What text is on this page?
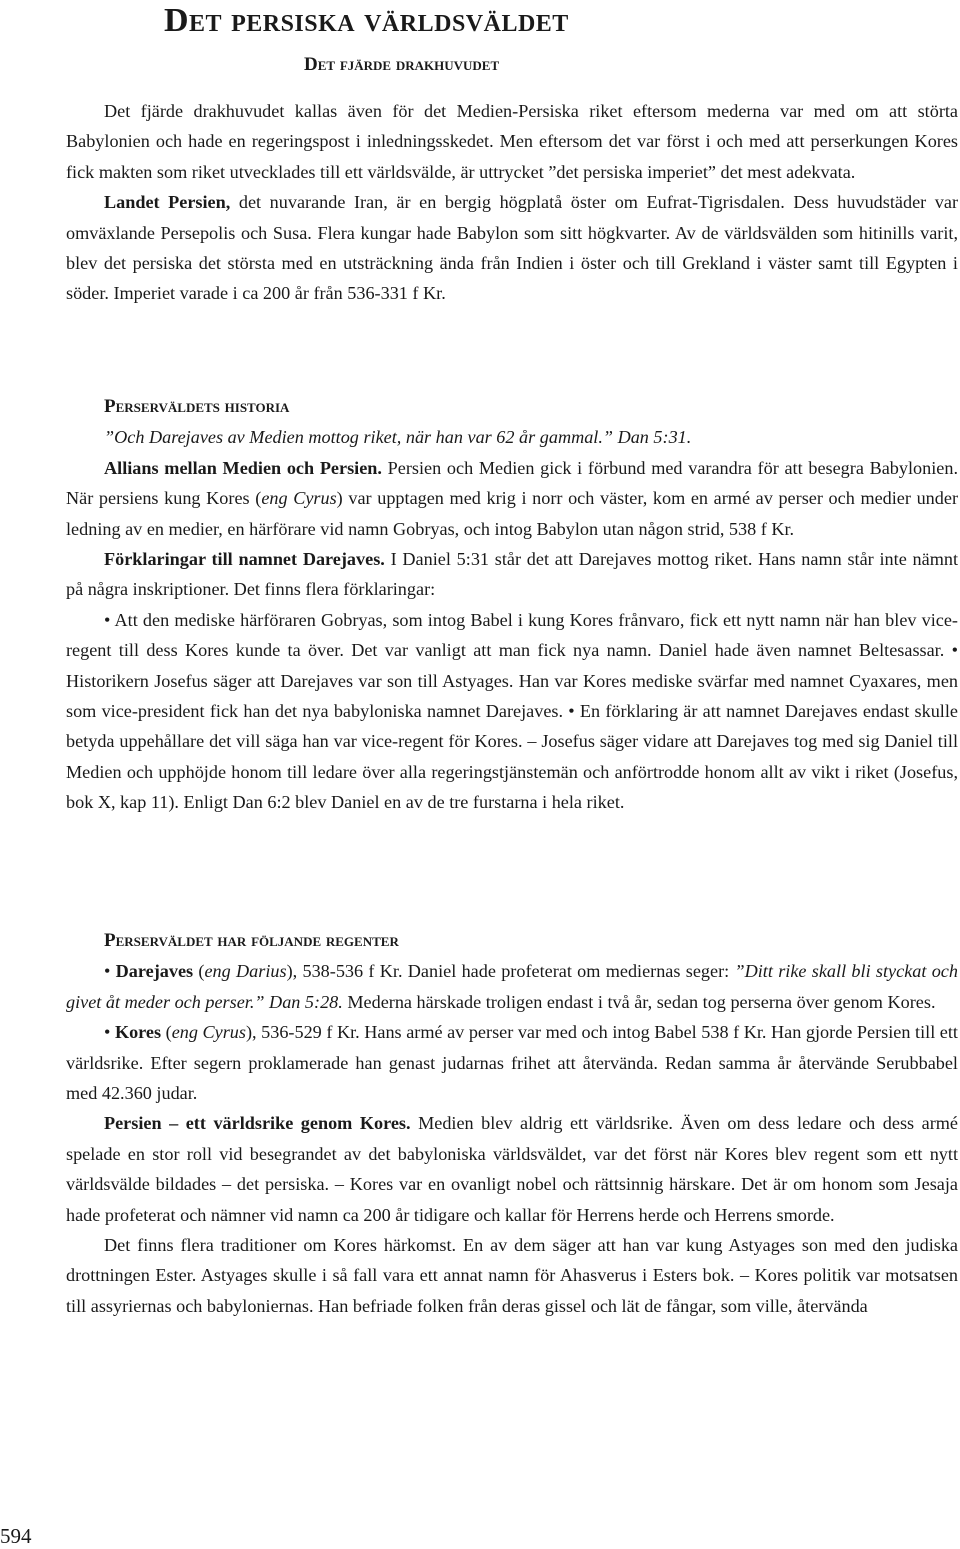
Det persiska världsväldet
Det fjärde drakhuvudet

Det fjärde drakhuvudet kallas även för det Medien-Persiska riket eftersom mederna var med om att störta Babylonien och hade en regeringspost i inledningsskedet. Men eftersom det var först i och med att perserkungen Kores fick makten som riket utvecklades till ett världsvälde, är uttrycket ”det persiska imperiet” det mest adekvata.

Landet Persien, det nuvarande Iran, är en bergig högplatå öster om Eufrat-Tigrisdalen. Dess huvudstäder var omväxlande Persepolis och Susa. Flera kungar hade Babylon som sitt högkvarter. Av de världsvälden som hitinills varit, blev det persiska det största med en utsträckning ända från Indien i öster och till Grekland i väster samt till Egypten i söder. Imperiet varade i ca 200 år från 536-331 f Kr.

Perserväldets historia

”Och Darejaves av Medien mottog riket, när han var 62 år gammal.” Dan 5:31.

Allians mellan Medien och Persien. Persien och Medien gick i förbund med varandra för att besegra Babylonien. När persiens kung Kores (eng Cyrus) var upptagen med krig i norr och väster, kom en armé av perser och medier under ledning av en medier, en härförare vid namn Gobryas, och intog Babylon utan någon strid, 538 f Kr.

Förklaringar till namnet Darejaves. I Daniel 5:31 står det att Darejaves mottog riket. Hans namn står inte nämnt på några inskriptioner. Det finns flera förklaringar:

• Att den mediske härföraren Gobryas, som intog Babel i kung Kores frånvaro, fick ett nytt namn när han blev vice-regent till dess Kores kunde ta över. Det var vanligt att man fick nya namn. Daniel hade även namnet Beltesassar. • Historikern Josefus säger att Darejaves var son till Astyages. Han var Kores mediske svärfar med namnet Cyaxares, men som vice-president fick han det nya babyloniska namnet Darejaves. • En förklaring är att namnet Darejaves endast skulle betyda uppehållare det vill säga han var vice-regent för Kores. – Josefus säger vidare att Darejaves tog med sig Daniel till Medien och upphöjde honom till ledare över alla regeringstjänstemän och anförtrodde honom allt av vikt i riket (Josefus, bok X, kap 11). Enligt Dan 6:2 blev Daniel en av de tre furstarna i hela riket.

Perserväldet har följande regenter

• Darejaves (eng Darius), 538-536 f Kr. Daniel hade profeterat om mediernas seger: ”Ditt rike skall bli styckat och givet åt meder och perser.” Dan 5:28. Mederna härskade troligen endast i två år, sedan tog perserna över genom Kores.

• Kores (eng Cyrus), 536-529 f Kr. Hans armé av perser var med och intog Babel 538 f Kr. Han gjorde Persien till ett världsrike. Efter segern proklamerade han genast judarnas frihet att återvända. Redan samma år återvände Serubbabel med 42.360 judar.

Persien – ett världsrike genom Kores. Medien blev aldrig ett världsrike. Även om dess ledare och dess armé spelade en stor roll vid besegrandet av det babyloniska världsväldet, var det först när Kores blev regent som ett nytt världsvälde bildades – det persiska. – Kores var en ovanligt nobel och rättsinnig härskare. Det är om honom som Jesaja hade profeterat och nämner vid namn ca 200 år tidigare och kallar för Herrens herde och Herrens smorde.

Det finns flera traditioner om Kores härkomst. En av dem säger att han var kung Astyages son med den judiska drottningen Ester. Astyages skulle i så fall vara ett annat namn för Ahasverus i Esters bok. – Kores politik var motsatsen till assyriernas och babyloniernas. Han befriade folken från deras gissel och lät de fångar, som ville, återvända

594
